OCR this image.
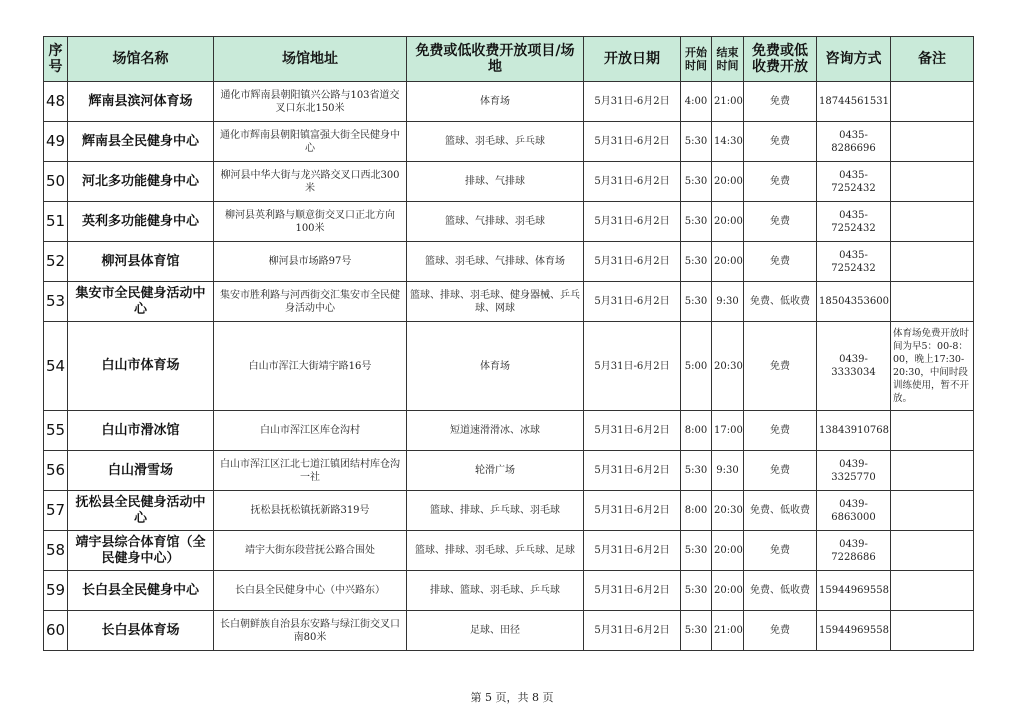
序号	场馆名称	场馆地址	免费或低收费开放项目/场地	开放日期	开始时间	结束时间	免费或低收费开放	咨询方式	备注
48	辉南县滨河体育场	通化市辉南县朝阳镇兴公路与103省道交叉口东北150米	体育场	5月31日-6月2日	4:00	21:00	免费	18744561531	
49	辉南县全民健身中心	通化市辉南县朝阳镇富强大街全民健身中心	篮球、羽毛球、乒乓球	5月31日-6月2日	5:30	14:30	免费	0435-8286696	
50	河北多功能健身中心	柳河县中华大街与龙兴路交叉口西北300米	排球、气排球	5月31日-6月2日	5:30	20:00	免费	0435-7252432	
51	英利多功能健身中心	柳河县英利路与顺意街交叉口正北方向100米	篮球、气排球、羽毛球	5月31日-6月2日	5:30	20:00	免费	0435-7252432	
52	柳河县体育馆	柳河县市场路97号	篮球、羽毛球、气排球、体育场	5月31日-6月2日	5:30	20:00	免费	0435-7252432	
53	集安市全民健身活动中心	集安市胜利路与河西街交汇集安市全民健身活动中心	篮球、排球、羽毛球、健身器械、乒乓球、网球	5月31日-6月2日	5:30	9:30	免费、低收费	18504353600	
54	白山市体育场	白山市浑江大街靖宇路16号	体育场	5月31日-6月2日	5:00	20:30	免费	0439-3333034	体育场免费开放时间为早5：00-8：00，晚上17:30-20:30，中间时段训练使用，暂不开放。
55	白山市滑冰馆	白山市浑江区库仓沟村	短道速滑滑冰、冰球	5月31日-6月2日	8:00	17:00	免费	13843910768	
56	白山滑雪场	白山市浑江区江北七道江镇团结村库仓沟一社	轮滑广场	5月31日-6月2日	5:30	9:30	免费	0439-3325770	
57	抚松县全民健身活动中心	抚松县抚松镇抚新路319号	篮球、排球、乒乓球、羽毛球	5月31日-6月2日	8:00	20:30	免费、低收费	0439-6863000	
58	靖宇县综合体育馆（全民健身中心）	靖宇大街东段营抚公路合围处	篮球、排球、羽毛球、乒乓球、足球	5月31日-6月2日	5:30	20:00	免费	0439-7228686	
59	长白县全民健身中心	长白县全民健身中心（中兴路东）	排球、篮球、羽毛球、乒乓球	5月31日-6月2日	5:30	20:00	免费、低收费	15944969558	
60	长白县体育场	长白朝鲜族自治县东安路与绿江街交叉口南80米	足球、田径	5月31日-6月2日	5:30	21:00	免费	15944969558	
第 5 页，共 8 页
